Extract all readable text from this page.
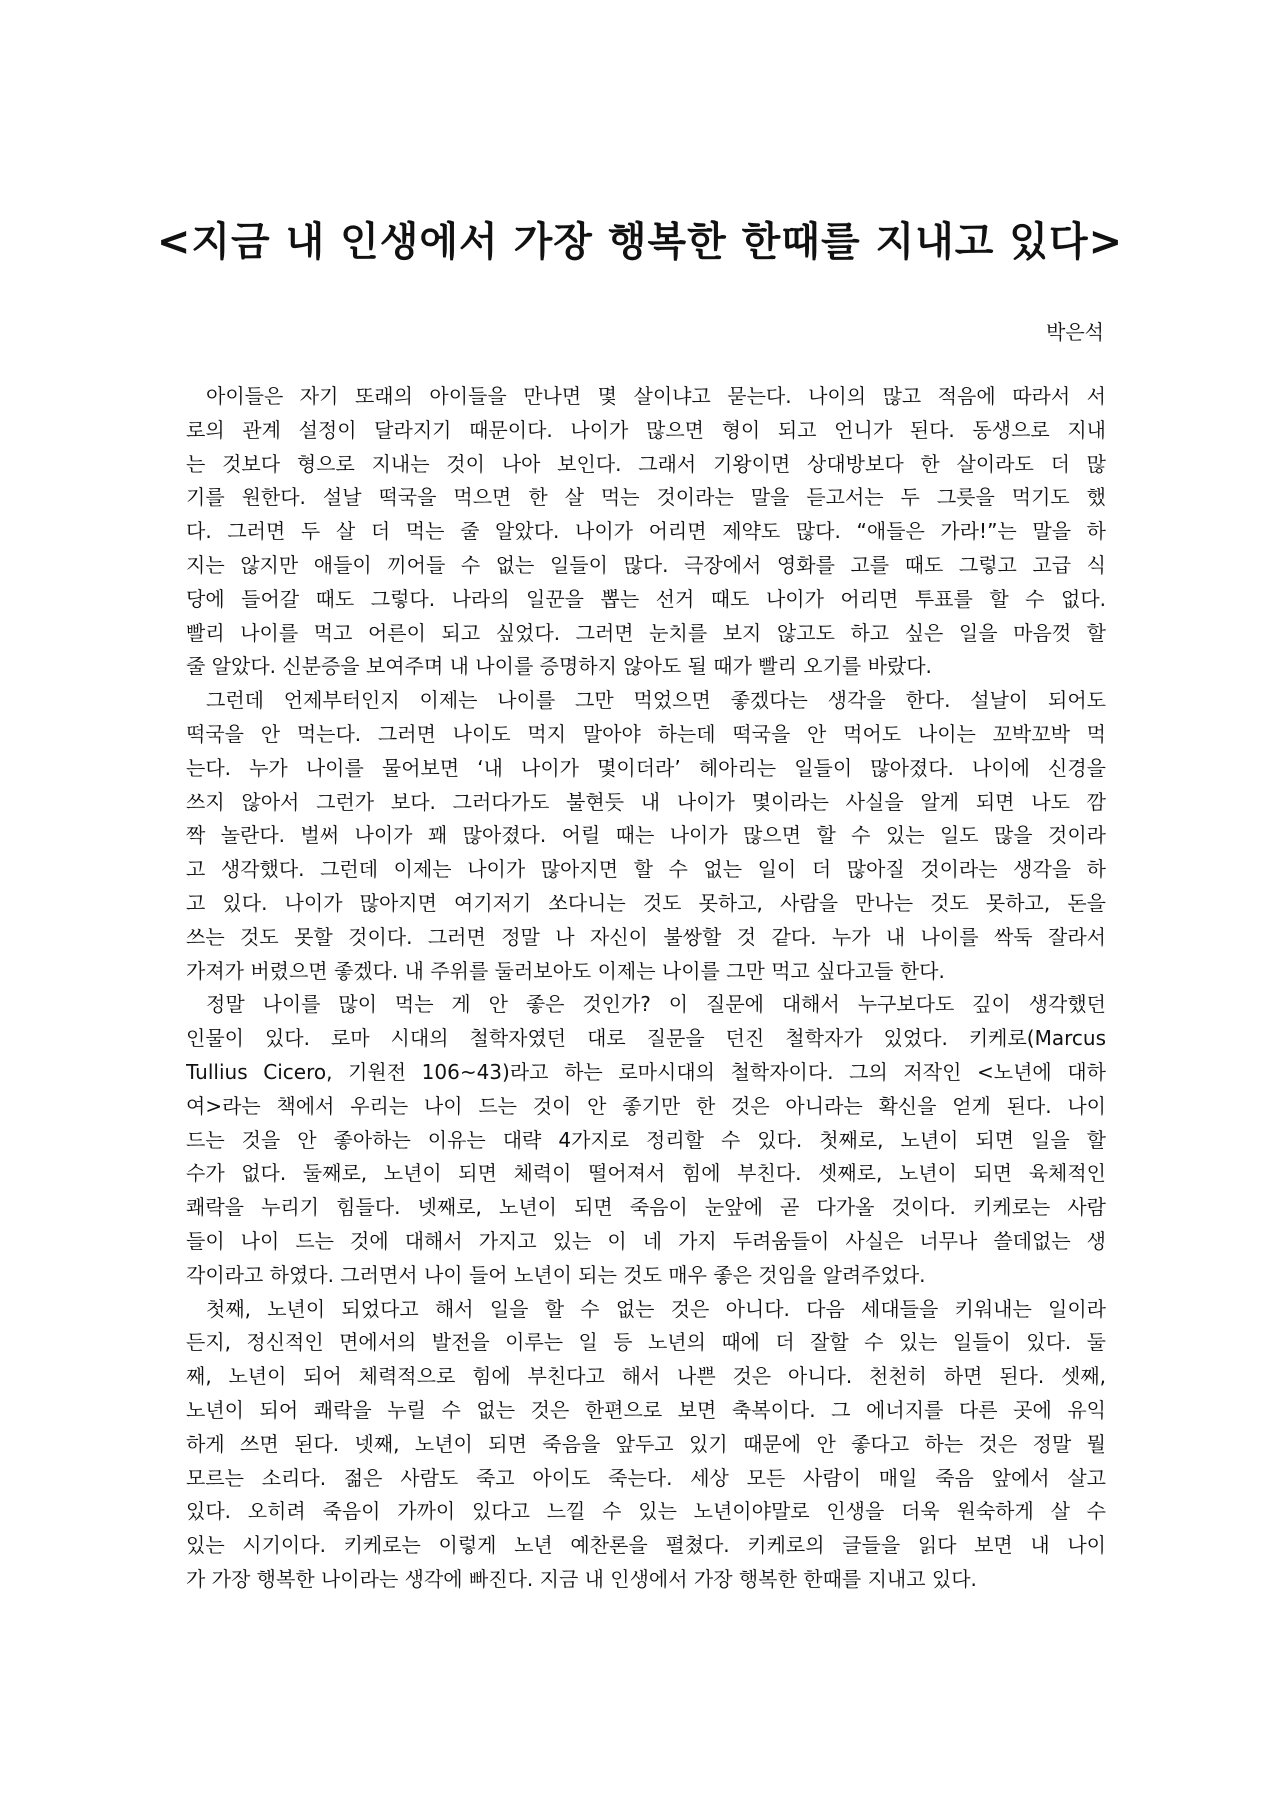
<지금 내 인생에서 가장 행복한 한때를 지내고 있다>
박은석
아이들은 자기 또래의 아이들을 만나면 몇 살이냐고 묻는다. 나이의 많고 적음에 따라서 서
로의 관계 설정이 달라지기 때문이다. 나이가 많으면 형이 되고 언니가 된다. 동생으로 지내
는 것보다 형으로 지내는 것이 나아 보인다. 그래서 기왕이면 상대방보다 한 살이라도 더 많
기를 원한다. 설날 떡국을 먹으면 한 살 먹는 것이라는 말을 듣고서는 두 그릇을 먹기도 했
다. 그러면 두 살 더 먹는 줄 알았다. 나이가 어리면 제약도 많다. “애들은 가라!”는 말을 하
지는 않지만 애들이 끼어들 수 없는 일들이 많다. 극장에서 영화를 고를 때도 그렇고 고급 식
당에 들어갈 때도 그렇다. 나라의 일꾼을 뽑는 선거 때도 나이가 어리면 투표를 할 수 없다.
빨리 나이를 먹고 어른이 되고 싶었다. 그러면 눈치를 보지 않고도 하고 싶은 일을 마음껏 할
줄 알았다. 신분증을 보여주며 내 나이를 증명하지 않아도 될 때가 빨리 오기를 바랐다.
그런데 언제부터인지 이제는 나이를 그만 먹었으면 좋겠다는 생각을 한다. 설날이 되어도
떡국을 안 먹는다. 그러면 나이도 먹지 말아야 하는데 떡국을 안 먹어도 나이는 꼬박꼬박 먹
는다. 누가 나이를 물어보면 ‘내 나이가 몇이더라’ 헤아리는 일들이 많아졌다. 나이에 신경을
쓰지 않아서 그런가 보다. 그러다가도 불현듯 내 나이가 몇이라는 사실을 알게 되면 나도 깜
짝 놀란다. 벌써 나이가 꽤 많아졌다. 어릴 때는 나이가 많으면 할 수 있는 일도 많을 것이라
고 생각했다. 그런데 이제는 나이가 많아지면 할 수 없는 일이 더 많아질 것이라는 생각을 하
고 있다. 나이가 많아지면 여기저기 쏘다니는 것도 못하고, 사람을 만나는 것도 못하고, 돈을
쓰는 것도 못할 것이다. 그러면 정말 나 자신이 불쌍할 것 같다. 누가 내 나이를 싹둑 잘라서
가져가 버렸으면 좋겠다. 내 주위를 둘러보아도 이제는 나이를 그만 먹고 싶다고들 한다.
정말 나이를 많이 먹는 게 안 좋은 것인가? 이 질문에 대해서 누구보다도 깊이 생각했던
인물이 있다. 로마 시대의 철학자였던 대로 질문을 던진 철학자가 있었다. 키케로(Marcus
Tullius Cicero, 기원전 106~43)라고 하는 로마시대의 철학자이다. 그의 저작인 <노년에 대하
여>라는 책에서 우리는 나이 드는 것이 안 좋기만 한 것은 아니라는 확신을 얻게 된다. 나이
드는 것을 안 좋아하는 이유는 대략 4가지로 정리할 수 있다. 첫째로, 노년이 되면 일을 할
수가 없다. 둘째로, 노년이 되면 체력이 떨어져서 힘에 부친다. 셋째로, 노년이 되면 육체적인
쾌락을 누리기 힘들다. 넷째로, 노년이 되면 죽음이 눈앞에 곧 다가올 것이다. 키케로는 사람
들이 나이 드는 것에 대해서 가지고 있는 이 네 가지 두려움들이 사실은 너무나 쓸데없는 생
각이라고 하였다. 그러면서 나이 들어 노년이 되는 것도 매우 좋은 것임을 알려주었다.
첫째, 노년이 되었다고 해서 일을 할 수 없는 것은 아니다. 다음 세대들을 키워내는 일이라
든지, 정신적인 면에서의 발전을 이루는 일 등 노년의 때에 더 잘할 수 있는 일들이 있다. 둘
째, 노년이 되어 체력적으로 힘에 부친다고 해서 나쁜 것은 아니다. 천천히 하면 된다. 셋째,
노년이 되어 쾌락을 누릴 수 없는 것은 한편으로 보면 축복이다. 그 에너지를 다른 곳에 유익
하게 쓰면 된다. 넷째, 노년이 되면 죽음을 앞두고 있기 때문에 안 좋다고 하는 것은 정말 뭘
모르는 소리다. 젊은 사람도 죽고 아이도 죽는다. 세상 모든 사람이 매일 죽음 앞에서 살고
있다. 오히려 죽음이 가까이 있다고 느낄 수 있는 노년이야말로 인생을 더욱 원숙하게 살 수
있는 시기이다. 키케로는 이렇게 노년 예찬론을 펼쳤다. 키케로의 글들을 읽다 보면 내 나이
가 가장 행복한 나이라는 생각에 빠진다. 지금 내 인생에서 가장 행복한 한때를 지내고 있다.
